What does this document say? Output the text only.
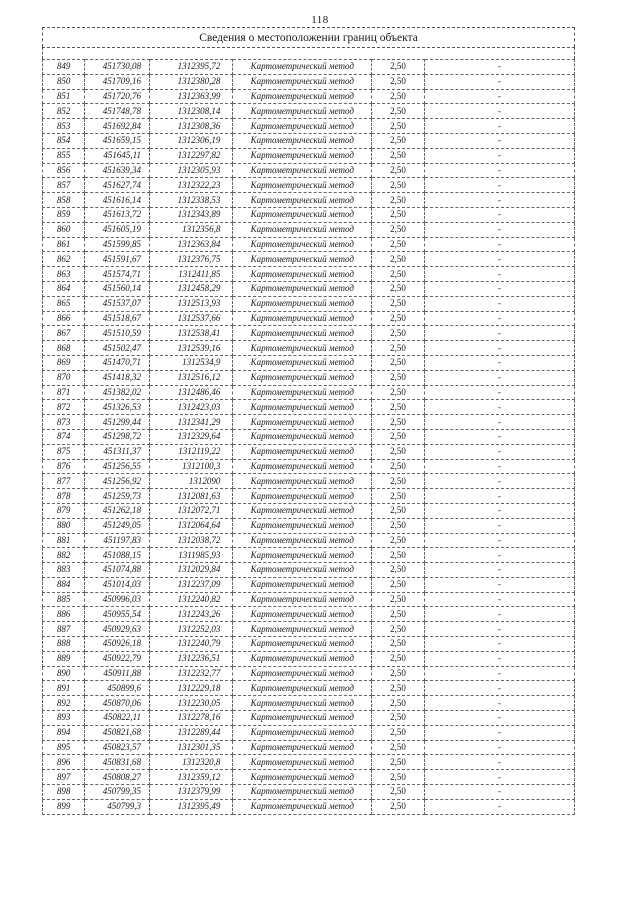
118
Сведения о местоположении границ объекта
849	451730,08	1312395,72	Картометрический метод	2,50	-
850	451709,16	1312380,28	Картометрический метод	2,50	-
851	451720,76	1312363,99	Картометрический метод	2,50	-
852	451748,78	1312308,14	Картометрический метод	2,50	-
853	451692,84	1312308,36	Картометрический метод	2,50	-
854	451659,15	1312306,19	Картометрический метод	2,50	-
855	451645,11	1312297,82	Картометрический метод	2,50	-
856	451639,34	1312305,93	Картометрический метод	2,50	-
857	451627,74	1312322,23	Картометрический метод	2,50	-
858	451616,14	1312338,53	Картометрический метод	2,50	-
859	451613,72	1312343,89	Картометрический метод	2,50	-
860	451605,19	1312356,8	Картометрический метод	2,50	-
861	451599,85	1312363,84	Картометрический метод	2,50	-
862	451591,67	1312376,75	Картометрический метод	2,50	-
863	451574,71	1312411,85	Картометрический метод	2,50	-
864	451560,14	1312458,29	Картометрический метод	2,50	-
865	451537,07	1312513,93	Картометрический метод	2,50	-
866	451518,67	1312537,66	Картометрический метод	2,50	-
867	451510,59	1312538,41	Картометрический метод	2,50	-
868	451502,47	1312539,16	Картометрический метод	2,50	-
869	451470,71	1312534,9	Картометрический метод	2,50	-
870	451418,32	1312516,12	Картометрический метод	2,50	-
871	451382,02	1312486,46	Картометрический метод	2,50	-
872	451326,53	1312423,03	Картометрический метод	2,50	-
873	451299,44	1312341,29	Картометрический метод	2,50	-
874	451298,72	1312329,64	Картометрический метод	2,50	-
875	451311,37	1312119,22	Картометрический метод	2,50	-
876	451256,55	1312100,3	Картометрический метод	2,50	-
877	451256,92	1312090	Картометрический метод	2,50	-
878	451259,73	1312081,63	Картометрический метод	2,50	-
879	451262,18	1312072,71	Картометрический метод	2,50	-
880	451249,05	1312064,64	Картометрический метод	2,50	-
881	451197,83	1312038,72	Картометрический метод	2,50	-
882	451088,15	1311985,93	Картометрический метод	2,50	-
883	451074,88	1312029,84	Картометрический метод	2,50	-
884	451014,03	1312237,09	Картометрический метод	2,50	-
885	450996,03	1312240,82	Картометрический метод	2,50	-
886	450955,54	1312243,26	Картометрический метод	2,50	-
887	450929,63	1312252,03	Картометрический метод	2,50	-
888	450926,18	1312240,79	Картометрический метод	2,50	-
889	450922,79	1312236,51	Картометрический метод	2,50	-
890	450911,88	1312232,77	Картометрический метод	2,50	-
891	450899,6	1312229,18	Картометрический метод	2,50	-
892	450870,06	1312230,05	Картометрический метод	2,50	-
893	450822,11	1312278,16	Картометрический метод	2,50	-
894	450821,68	1312289,44	Картометрический метод	2,50	-
895	450823,57	1312301,35	Картометрический метод	2,50	-
896	450831,68	1312320,8	Картометрический метод	2,50	-
897	450808,27	1312359,12	Картометрический метод	2,50	-
898	450799,35	1312379,99	Картометрический метод	2,50	-
899	450799,3	1312395,49	Картометрический метод	2,50	-
